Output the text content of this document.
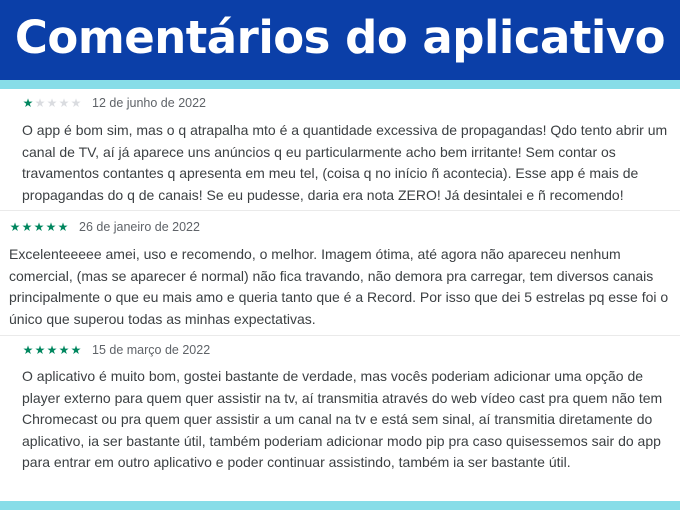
Comentários do aplicativo
★ ★ ★ ★ ★ 12 de junho de 2022

O app é bom sim, mas o q atrapalha mto é a quantidade excessiva de propagandas! Qdo tento abrir um canal de TV, aí já aparece uns anúncios q eu particularmente acho bem irritante! Sem contar os travamentos contantes q apresenta em meu tel, (coisa q no início ñ acontecia). Esse app é mais de propagandas do q de canais! Se eu pudesse, daria era nota ZERO! Já desintalei e ñ recomendo!

★ ★ ★ ★ ★ 26 de janeiro de 2022

Excelenteeeee amei, uso e recomendo, o melhor. Imagem ótima, até agora não apareceu nenhum comercial, (mas se aparecer é normal) não fica travando, não demora pra carregar, tem diversos canais principalmente o que eu mais amo e queria tanto que é a Record. Por isso que dei 5 estrelas pq esse foi o único que superou todas as minhas expectativas.

★ ★ ★ ★ ★ 15 de março de 2022

O aplicativo é muito bom, gostei bastante de verdade, mas vocês poderiam adicionar uma opção de player externo para quem quer assistir na tv, aí transmitia através do web vídeo cast pra quem não tem Chromecast ou pra quem quer assistir a um canal na tv e está sem sinal, aí transmitia diretamente do aplicativo, ia ser bastante útil, também poderiam adicionar modo pip pra caso quisessemos sair do app para entrar em outro aplicativo e poder continuar assistindo, também ia ser bastante útil.
